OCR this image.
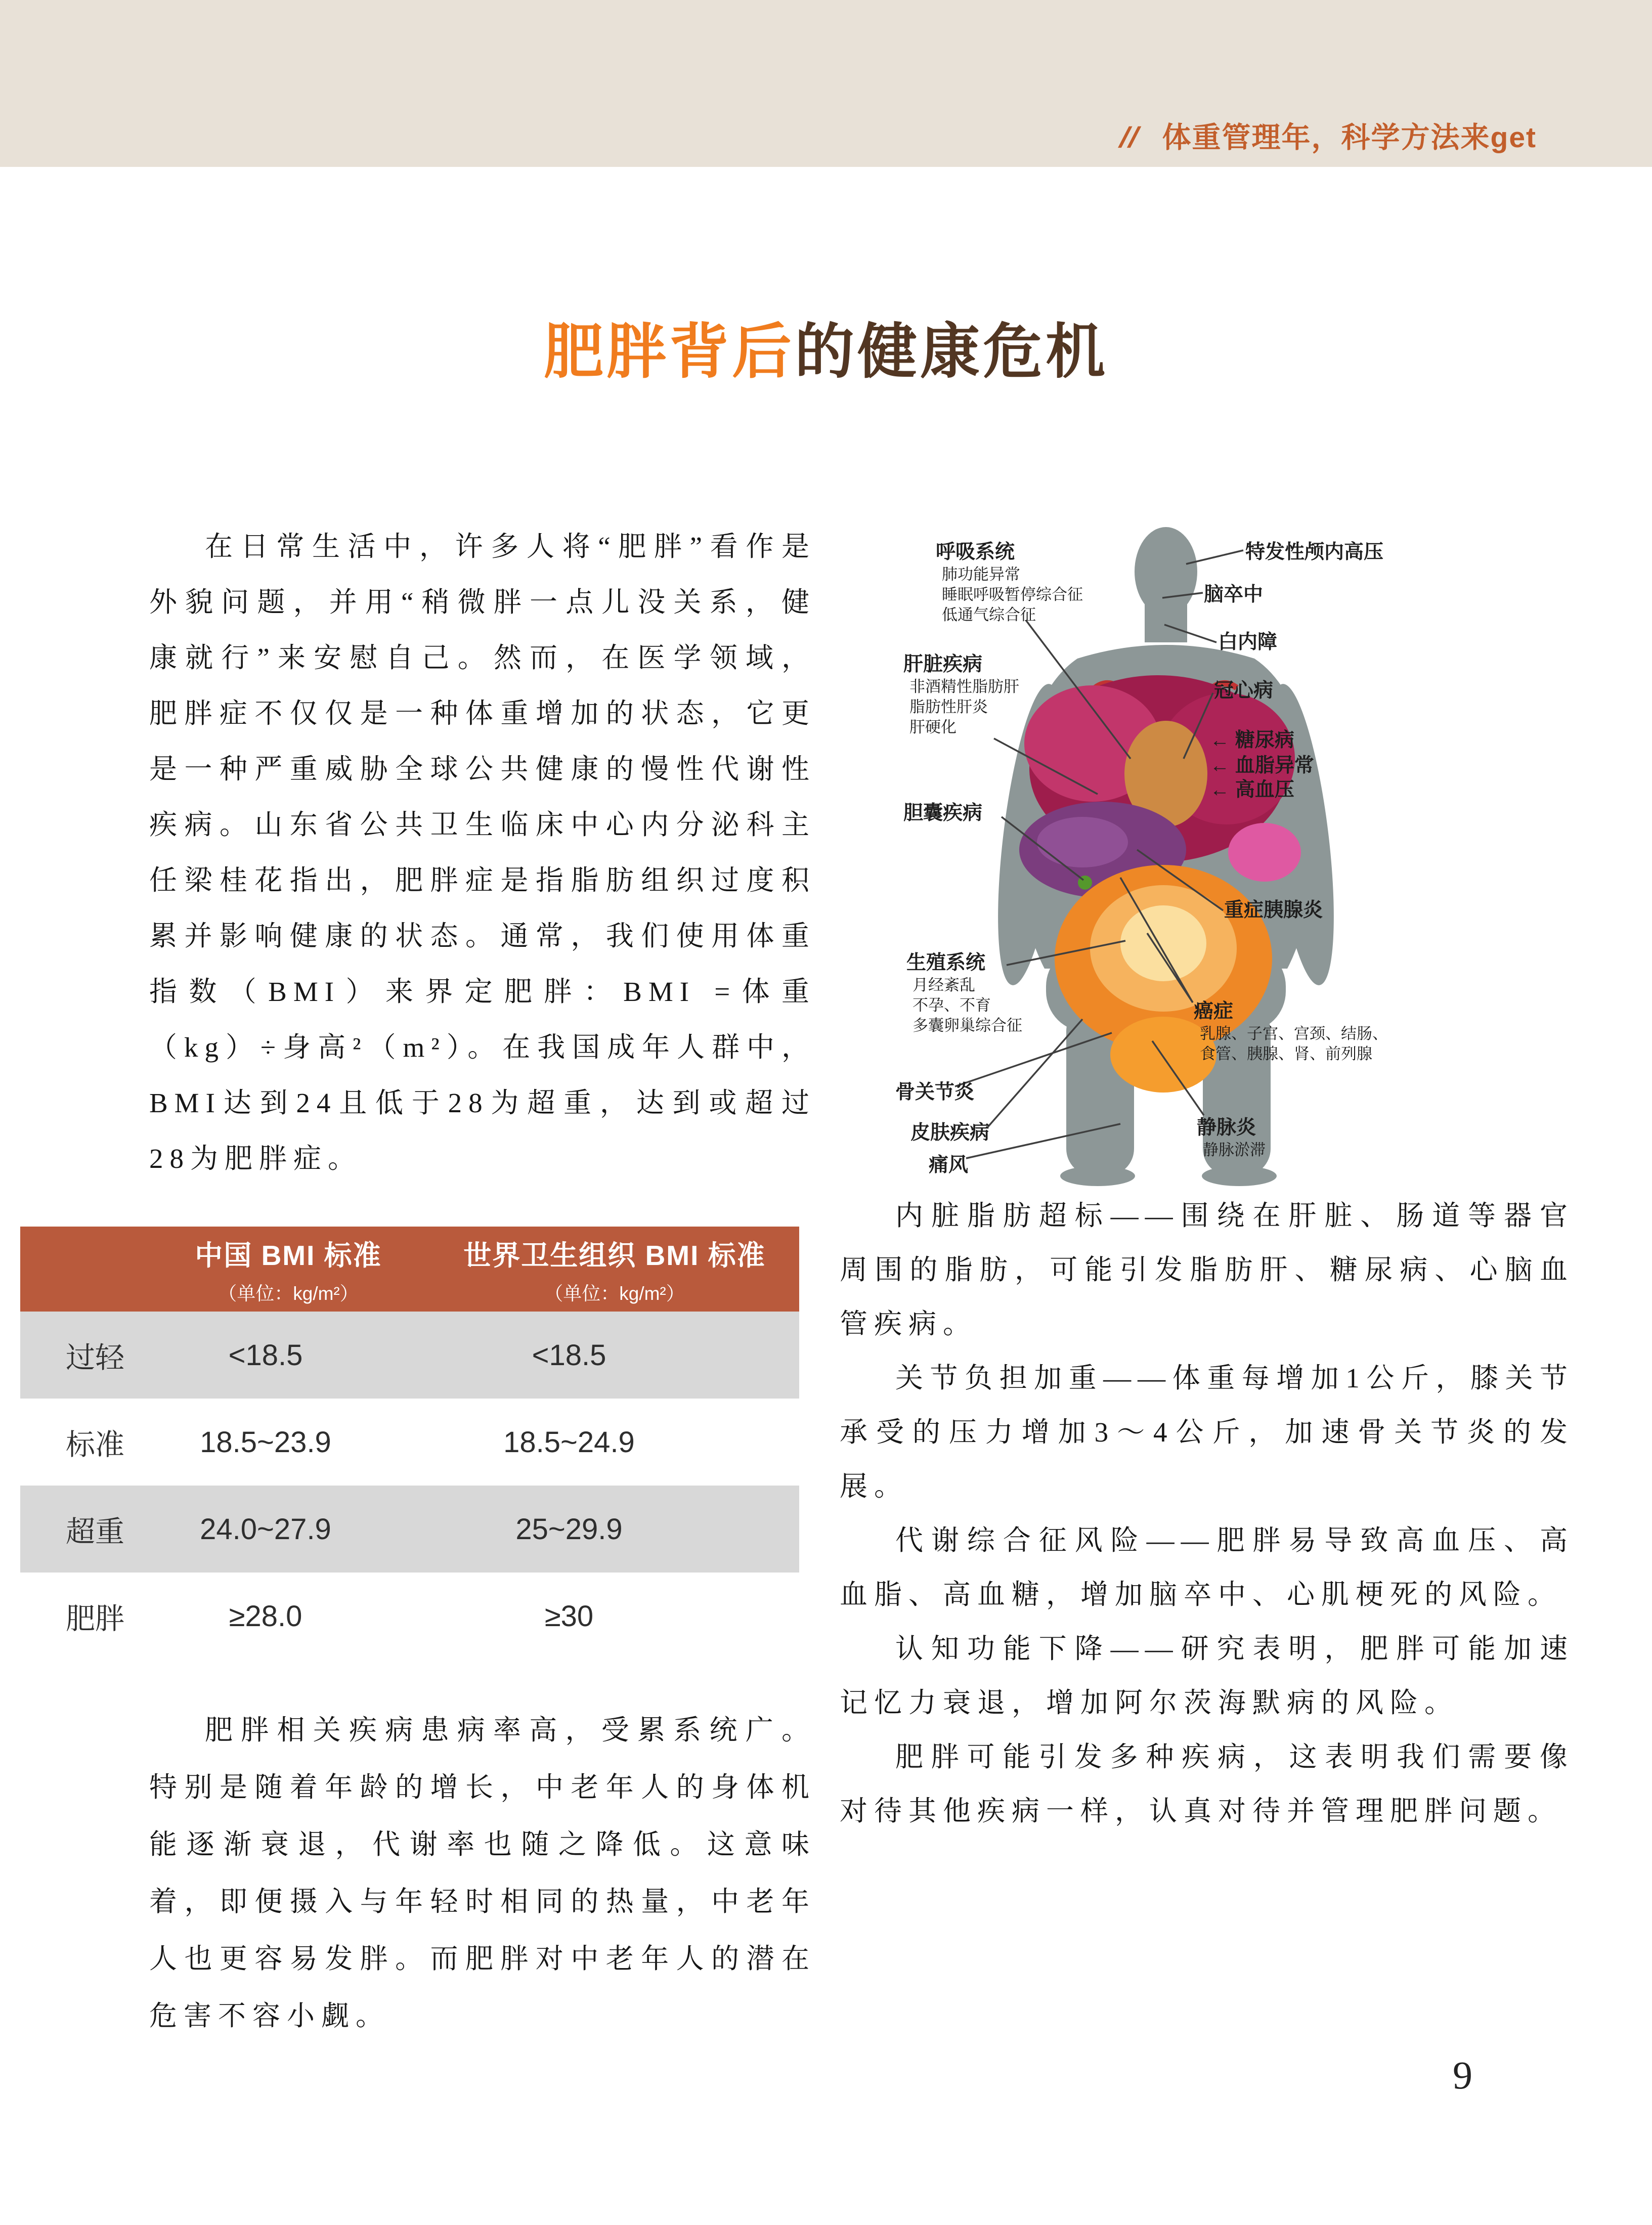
// 体重管理年，科学方法来get
肥胖背后的健康危机

在日常生活中，许多人将“肥胖”看作是外貌问题，并用“稍微胖一点儿没关系，健康就行”来安慰自己。然而，在医学领域，肥胖症不仅仅是一种体重增加的状态，它更是一种严重威胁全球公共健康的慢性代谢性疾病。山东省公共卫生临床中心内分泌科主任梁桂花指出，肥胖症是指脂肪组织过度积累并影响健康的状态。通常，我们使用体重指数（BMI）来界定肥胖：BMI =体重（kg）÷身高²（m²）。在我国成年人群中，BMI达到24且低于28为超重，达到或超过28为肥胖症。

呼吸系统
肺功能异常
睡眠呼吸暂停综合征
低通气综合征
肝脏疾病
非酒精性脂肪肝
脂肪性肝炎
肝硬化
胆囊疾病
生殖系统
月经紊乱
不孕、不育
多囊卵巢综合征
骨关节炎
皮肤疾病
痛风
特发性颅内高压
脑卒中
白内障
冠心病
← 糖尿病
← 血脂异常
← 高血压
重症胰腺炎
癌症
乳腺、子宫、宫颈、结肠、
食管、胰腺、肾、前列腺
静脉炎
静脉淤滞
中国 BMI 标准
（单位：kg/m²）
世界卫生组织 BMI 标准
（单位：kg/m²）
过轻	<18.5	<18.5
标准	18.5~23.9	18.5~24.9
超重	24.0~27.9	25~29.9
肥胖	≥28.0	≥30

肥胖相关疾病患病率高，受累系统广。特别是随着年龄的增长，中老年人的身体机能逐渐衰退，代谢率也随之降低。这意味着，即便摄入与年轻时相同的热量，中老年人也更容易发胖。而肥胖对中老年人的潜在危害不容小觑。

内脏脂肪超标——围绕在肝脏、肠道等器官周围的脂肪，可能引发脂肪肝、糖尿病、心脑血管疾病。

关节负担加重——体重每增加1公斤，膝关节承受的压力增加3～4公斤，加速骨关节炎的发展。

代谢综合征风险——肥胖易导致高血压、高血脂、高血糖，增加脑卒中、心肌梗死的风险。

认知功能下降——研究表明，肥胖可能加速记忆力衰退，增加阿尔茨海默病的风险。

肥胖可能引发多种疾病，这表明我们需要像对待其他疾病一样，认真对待并管理肥胖问题。

9
